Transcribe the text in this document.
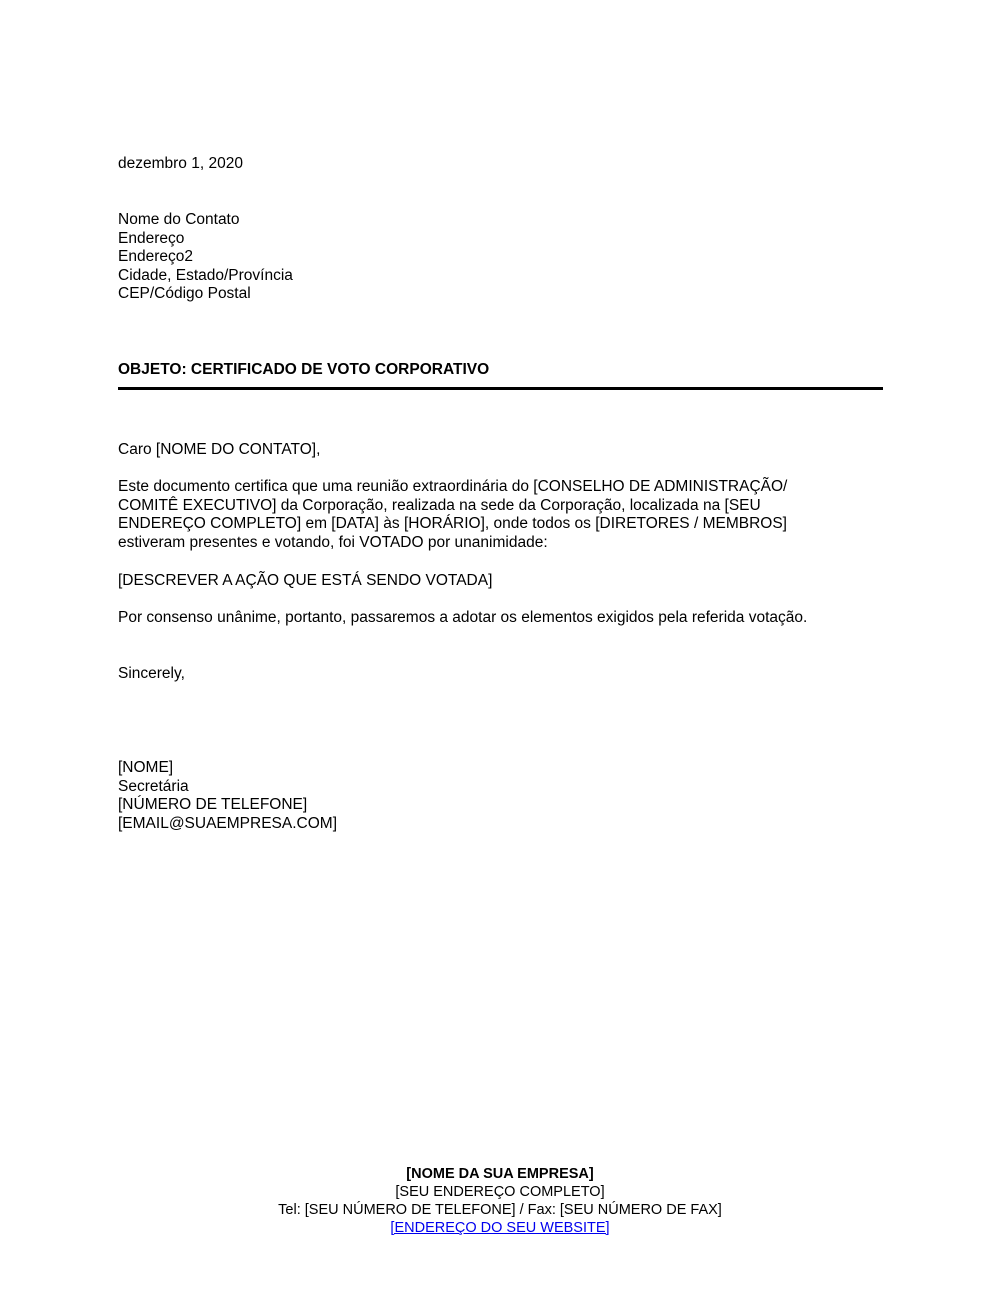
dezembro 1, 2020
Nome do Contato
Endereço
Endereço2
Cidade, Estado/Província
CEP/Código Postal
OBJETO: CERTIFICADO DE VOTO CORPORATIVO
Caro [NOME DO CONTATO],
Este documento certifica que uma reunião extraordinária do [CONSELHO DE ADMINISTRAÇÃO/
COMITÊ EXECUTIVO] da Corporação, realizada na sede da Corporação, localizada na [SEU
ENDEREÇO COMPLETO] em [DATA] às [HORÁRIO], onde todos os [DIRETORES / MEMBROS]
estiveram presentes e votando, foi VOTADO por unanimidade:
[DESCREVER A AÇÃO QUE ESTÁ SENDO VOTADA]
Por consenso unânime, portanto, passaremos a adotar os elementos exigidos pela referida votação.
Sincerely,
[NOME]
Secretária
[NÚMERO DE TELEFONE]
[EMAIL@SUAEMPRESA.COM]
[NOME DA SUA EMPRESA]
[SEU ENDEREÇO COMPLETO]
Tel: [SEU NÚMERO DE TELEFONE] / Fax: [SEU NÚMERO DE FAX]
[ENDEREÇO DO SEU WEBSITE]
